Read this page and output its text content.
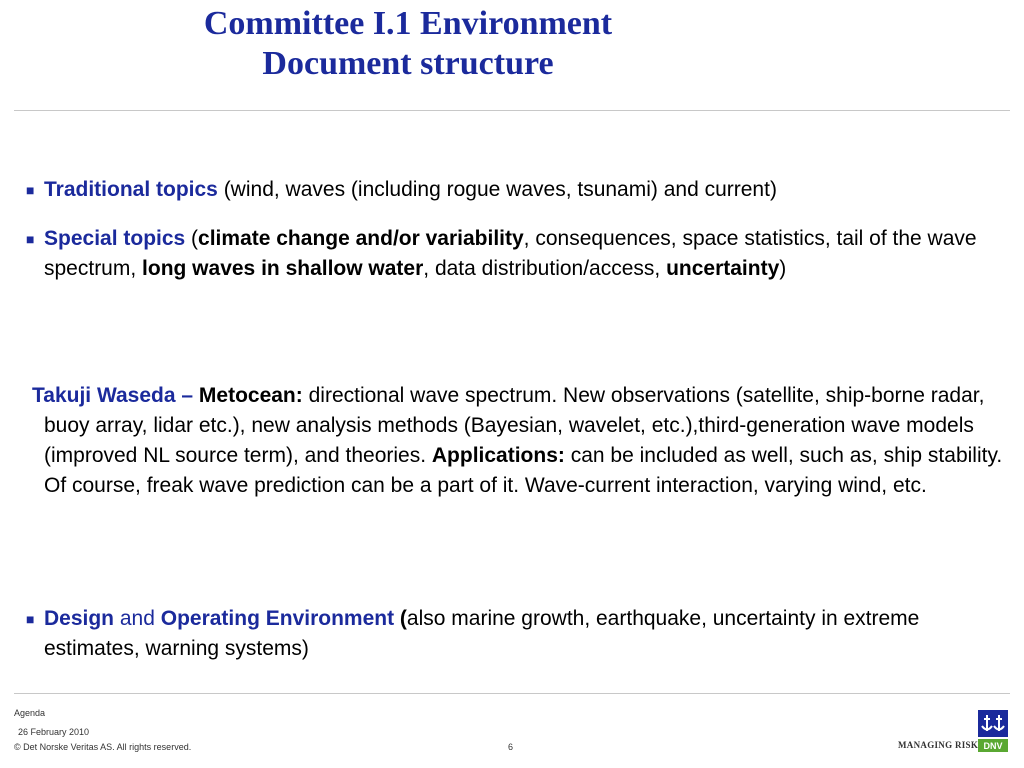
Committee I.1 Environment
Document structure
■ Traditional topics (wind, waves (including rogue waves, tsunami) and current)
■ Special topics (climate change and/or variability, consequences, space statistics, tail of the wave spectrum, long waves in shallow water, data distribution/access, uncertainty)
Takuji Waseda – Metocean: directional wave spectrum. New observations (satellite, ship-borne radar, buoy array, lidar etc.), new analysis methods (Bayesian, wavelet, etc.),third-generation wave models (improved NL source term), and theories. Applications: can be included as well, such as, ship stability. Of course, freak wave prediction can be a part of it. Wave-current interaction, varying wind, etc.
■ Design and Operating Environment (also marine growth, earthquake, uncertainty in extreme estimates, warning systems)
Agenda
26 February 2010
© Det Norske Veritas AS. All rights reserved.	6	MANAGING RISK DNV
